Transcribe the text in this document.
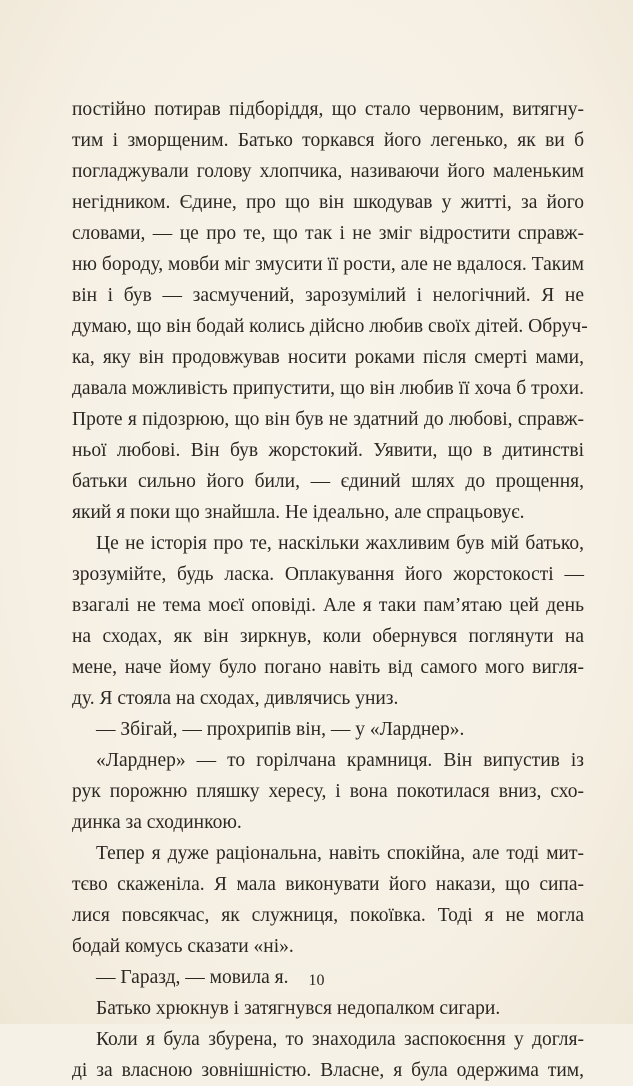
постійно потирав підборіддя, що стало червоним, витягну-
тим і зморщеним. Батько торкався його легенько, як ви б
погладжували голову хлопчика, називаючи його маленьким
негідником. Єдине, про що він шкодував у житті, за його
словами, — це про те, що так і не зміг відростити справж-
ню бороду, мовби міг змусити її рости, але не вдалося. Таким
він і був — засмучений, зарозумілий і нелогічний. Я не
думаю, що він бодай колись дійсно любив своїх дітей. Обруч-
ка, яку він продовжував носити роками після смерті мами,
давала можливість припустити, що він любив її хоча б трохи.
Проте я підозрюю, що він був не здатний до любові, справж-
ньої любові. Він був жорстокий. Уявити, що в дитинстві
батьки сильно його били, — єдиний шлях до прощення,
який я поки що знайшла. Не ідеально, але спрацьовує.
Це не історія про те, наскільки жахливим був мій батько,
зрозумійте, будь ласка. Оплакування його жорстокості —
взагалі не тема моєї оповіді. Але я таки пам’ятаю цей день
на сходах, як він зиркнув, коли обернувся поглянути на
мене, наче йому було погано навіть від самого мого вигля-
ду. Я стояла на сходах, дивлячись униз.
— Збігай, — прохрипів він, — у «Ларднер».
«Ларднер» — то горілчана крамниця. Він випустив із
рук порожню пляшку хересу, і вона покотилася вниз, схо-
динка за сходинкою.
Тепер я дуже раціональна, навіть спокійна, але тоді мит-
тєво скаженіла. Я мала виконувати його накази, що сипа-
лися повсякчас, як служниця, покоївка. Тоді я не могла
бодай комусь сказати «ні».
— Гаразд, — мовила я.
Батько хрюкнув і затягнувся недопалком сигари.
Коли я була збурена, то знаходила заспокоєння у догля-
ді за власною зовнішністю. Власне, я була одержима тим,
10
